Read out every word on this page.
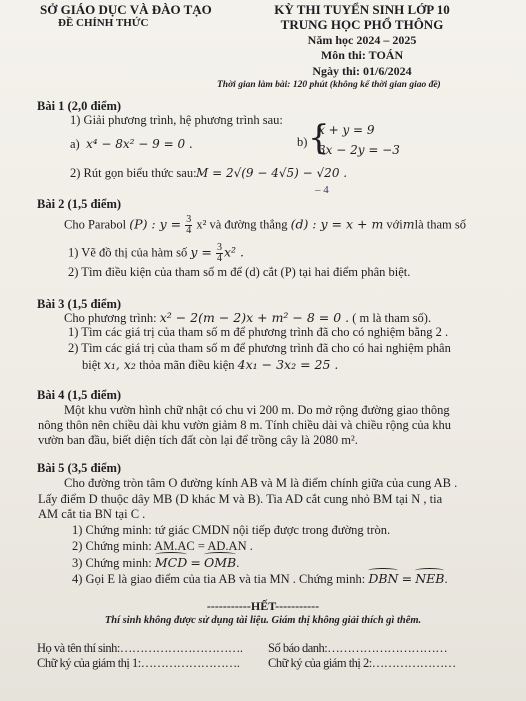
SỞ GIÁO DỤC VÀ ĐÀO TẠO
ĐỀ CHÍNH THỨC
KỲ THI TUYỂN SINH LỚP 10
TRUNG HỌC PHỔ THÔNG
Năm học 2024 – 2025
Môn thi: TOÁN
Ngày thi: 01/6/2024
Thời gian làm bài: 120 phút (không kể thời gian giao đề)
Bài 1 (2,0 điểm)
1) Giải phương trình, hệ phương trình sau:
a) x⁴ − 8x² − 9 = 0 .	b) {
x + y = 9
3x − 2y = −3
2) Rút gọn biểu thức sau: M = 2√(9 − 4√5) − √20 .
– 4
Bài 2 (1,5 điểm)
Cho Parabol (P) : $y = \frac{3}{4} x^2$ và đường thẳng (d) : y = x + m vớimlà tham số
1) Vẽ đồ thị của hàm số $y = \frac{3}{4} x^2$ .
2) Tìm điều kiện của tham số m để (d) cắt (P) tại hai điểm phân biệt.
Bài 3 (1,5 điểm)
Cho phương trình: x² − 2(m − 2)x + m² − 8 = 0 . ( m là tham số).
1) Tìm các giá trị của tham số m để phương trình đã cho có nghiệm bằng 2 .
2) Tìm các giá trị của tham số m để phương trình đã cho có hai nghiệm phân
biệt x₁, x₂ thỏa mãn điều kiện 4x₁ − 3x₂ = 25 .
Bài 4 (1,5 điểm)
Một khu vườn hình chữ nhật có chu vi 200 m. Do mở rộng đường giao thông
nông thôn nên chiều dài khu vườn giảm 8 m. Tính chiều dài và chiều rộng của khu
vườn ban đầu, biết diện tích đất còn lại để trồng cây là 2080 m².
Bài 5 (3,5 điểm)
Cho đường tròn tâm O đường kính AB và M là điểm chính giữa của cung AB .
Lấy điểm D thuộc dây MB (D khác M và B). Tia AD cắt cung nhỏ BM tại N , tia
AM cắt tia BN tại C .
1) Chứng minh: tứ giác CMDN nội tiếp được trong đường tròn.
2) Chứng minh: AM.AC = AD.AN .
3) Chứng minh: MCD = OMB.
4) Gọi E là giao điểm của tia AB và tia MN . Chứng minh: DBN = NEB.
-----------HẾT-----------
Thí sinh không được sử dụng tài liệu. Giám thị không giải thích gì thêm.
Họ và tên thí sinh:…………………………. Số báo danh:…………………………
Chữ ký của giám thị 1:……………………. Chữ ký của giám thị 2:…………………
